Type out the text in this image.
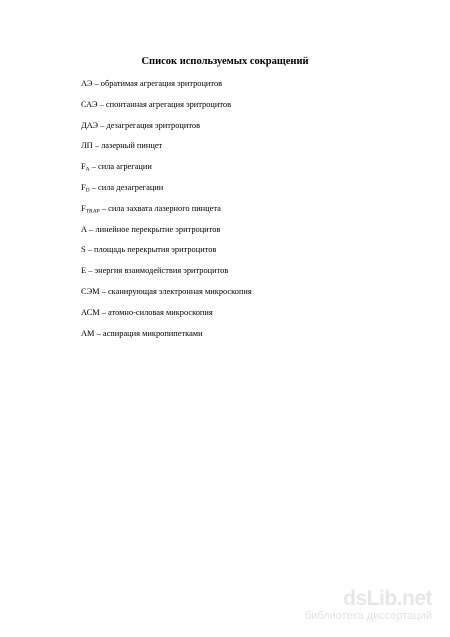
Список используемых сокращений
АЭ – обратимая агрегация эритроцитов
САЭ – спонтанная агрегация эритроцитов
ДАЭ – дезагрегация эритроцитов
ЛП – лазерный пинцет
$F_A$ – сила агрегации
$F_D$ – сила дезагрегации
$F_{TRAP}$ – сила захвата лазерного пинцета
A – линейное перекрытие эритроцитов
S – площадь перекрытия эритроцитов
E – энергия взаимодействия эритроцитов
СЭМ – сканирующая электронная микроскопия
АСМ – атомно-силовая микроскопия
АМ – аспирация микропипетками
dsLib.net
библиотека диссертаций
